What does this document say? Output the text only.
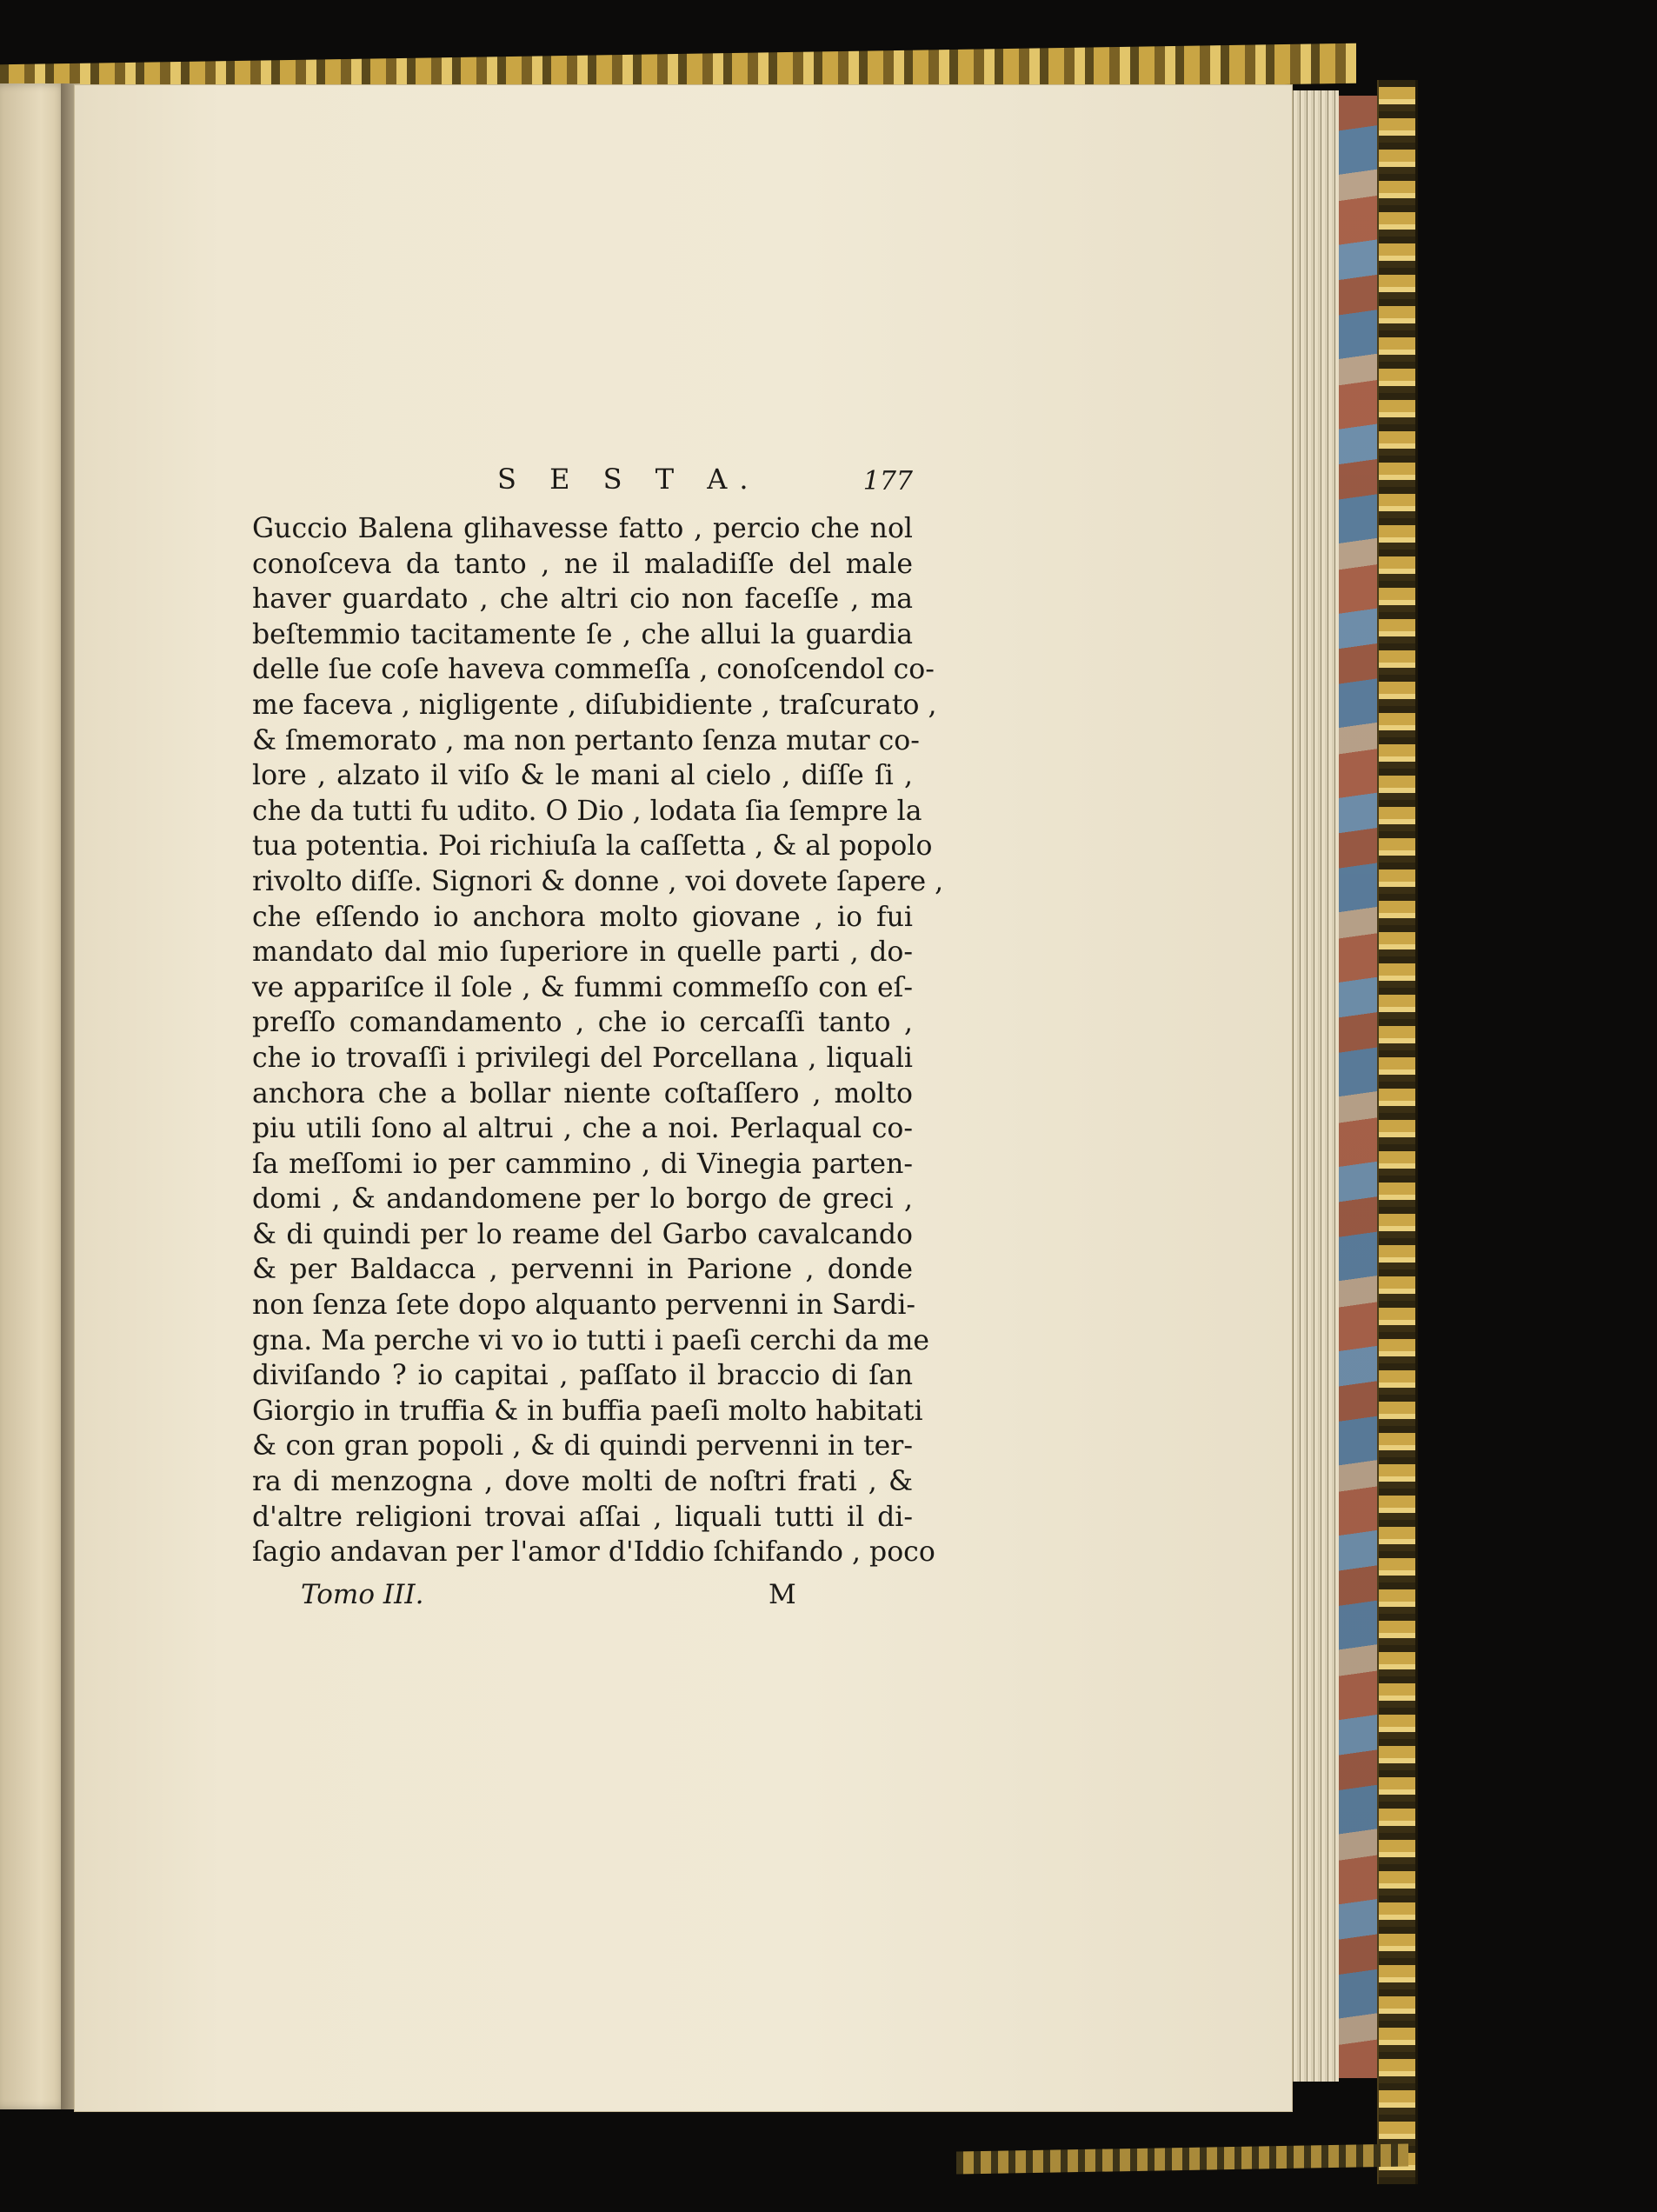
S E S T A.	177
Guccio Balena glihavesse fatto , percio che nol
conoſceva da tanto , ne il maladiſſe del male
haver guardato , che altri cio non faceſſe , ma
beſtemmio tacitamente ſe , che allui la guardia
delle ſue coſe haveva commeſſa , conoſcendol co-
me faceva , nigligente , diſubidiente , traſcurato ,
& ſmemorato , ma non pertanto ſenza mutar co-
lore , alzato il viſo & le mani al cielo , diſſe ſi ,
che da tutti fu udito. O Dio , lodata ſia ſempre la
tua potentia. Poi richiuſa la caſſetta , & al popolo
rivolto diſſe. Signori & donne , voi dovete ſapere ,
che eſſendo io anchora molto giovane , io fui
mandato dal mio ſuperiore in quelle parti , do-
ve appariſce il ſole , & fummi commeſſo con eſ-
preſſo comandamento , che io cercaſſi tanto ,
che io trovaſſi i privilegi del Porcellana , liquali
anchora che a bollar niente coſtaſſero , molto
piu utili ſono al altrui , che a noi. Perlaqual co-
ſa meſſomi io per cammino , di Vinegia parten-
domi , & andandomene per lo borgo de greci ,
& di quindi per lo reame del Garbo cavalcando
& per Baldacca , pervenni in Parione , donde
non ſenza ſete dopo alquanto pervenni in Sardi-
gna. Ma perche vi vo io tutti i paeſi cerchi da me
diviſando ? io capitai , paſſato il braccio di ſan
Giorgio in truffia & in buffia paeſi molto habitati
& con gran popoli , & di quindi pervenni in ter-
ra di menzogna , dove molti de noſtri frati , &
d'altre religioni trovai aſſai , liquali tutti il di-
ſagio andavan per l'amor d'Iddio ſchifando , poco
Tomo III.	M
